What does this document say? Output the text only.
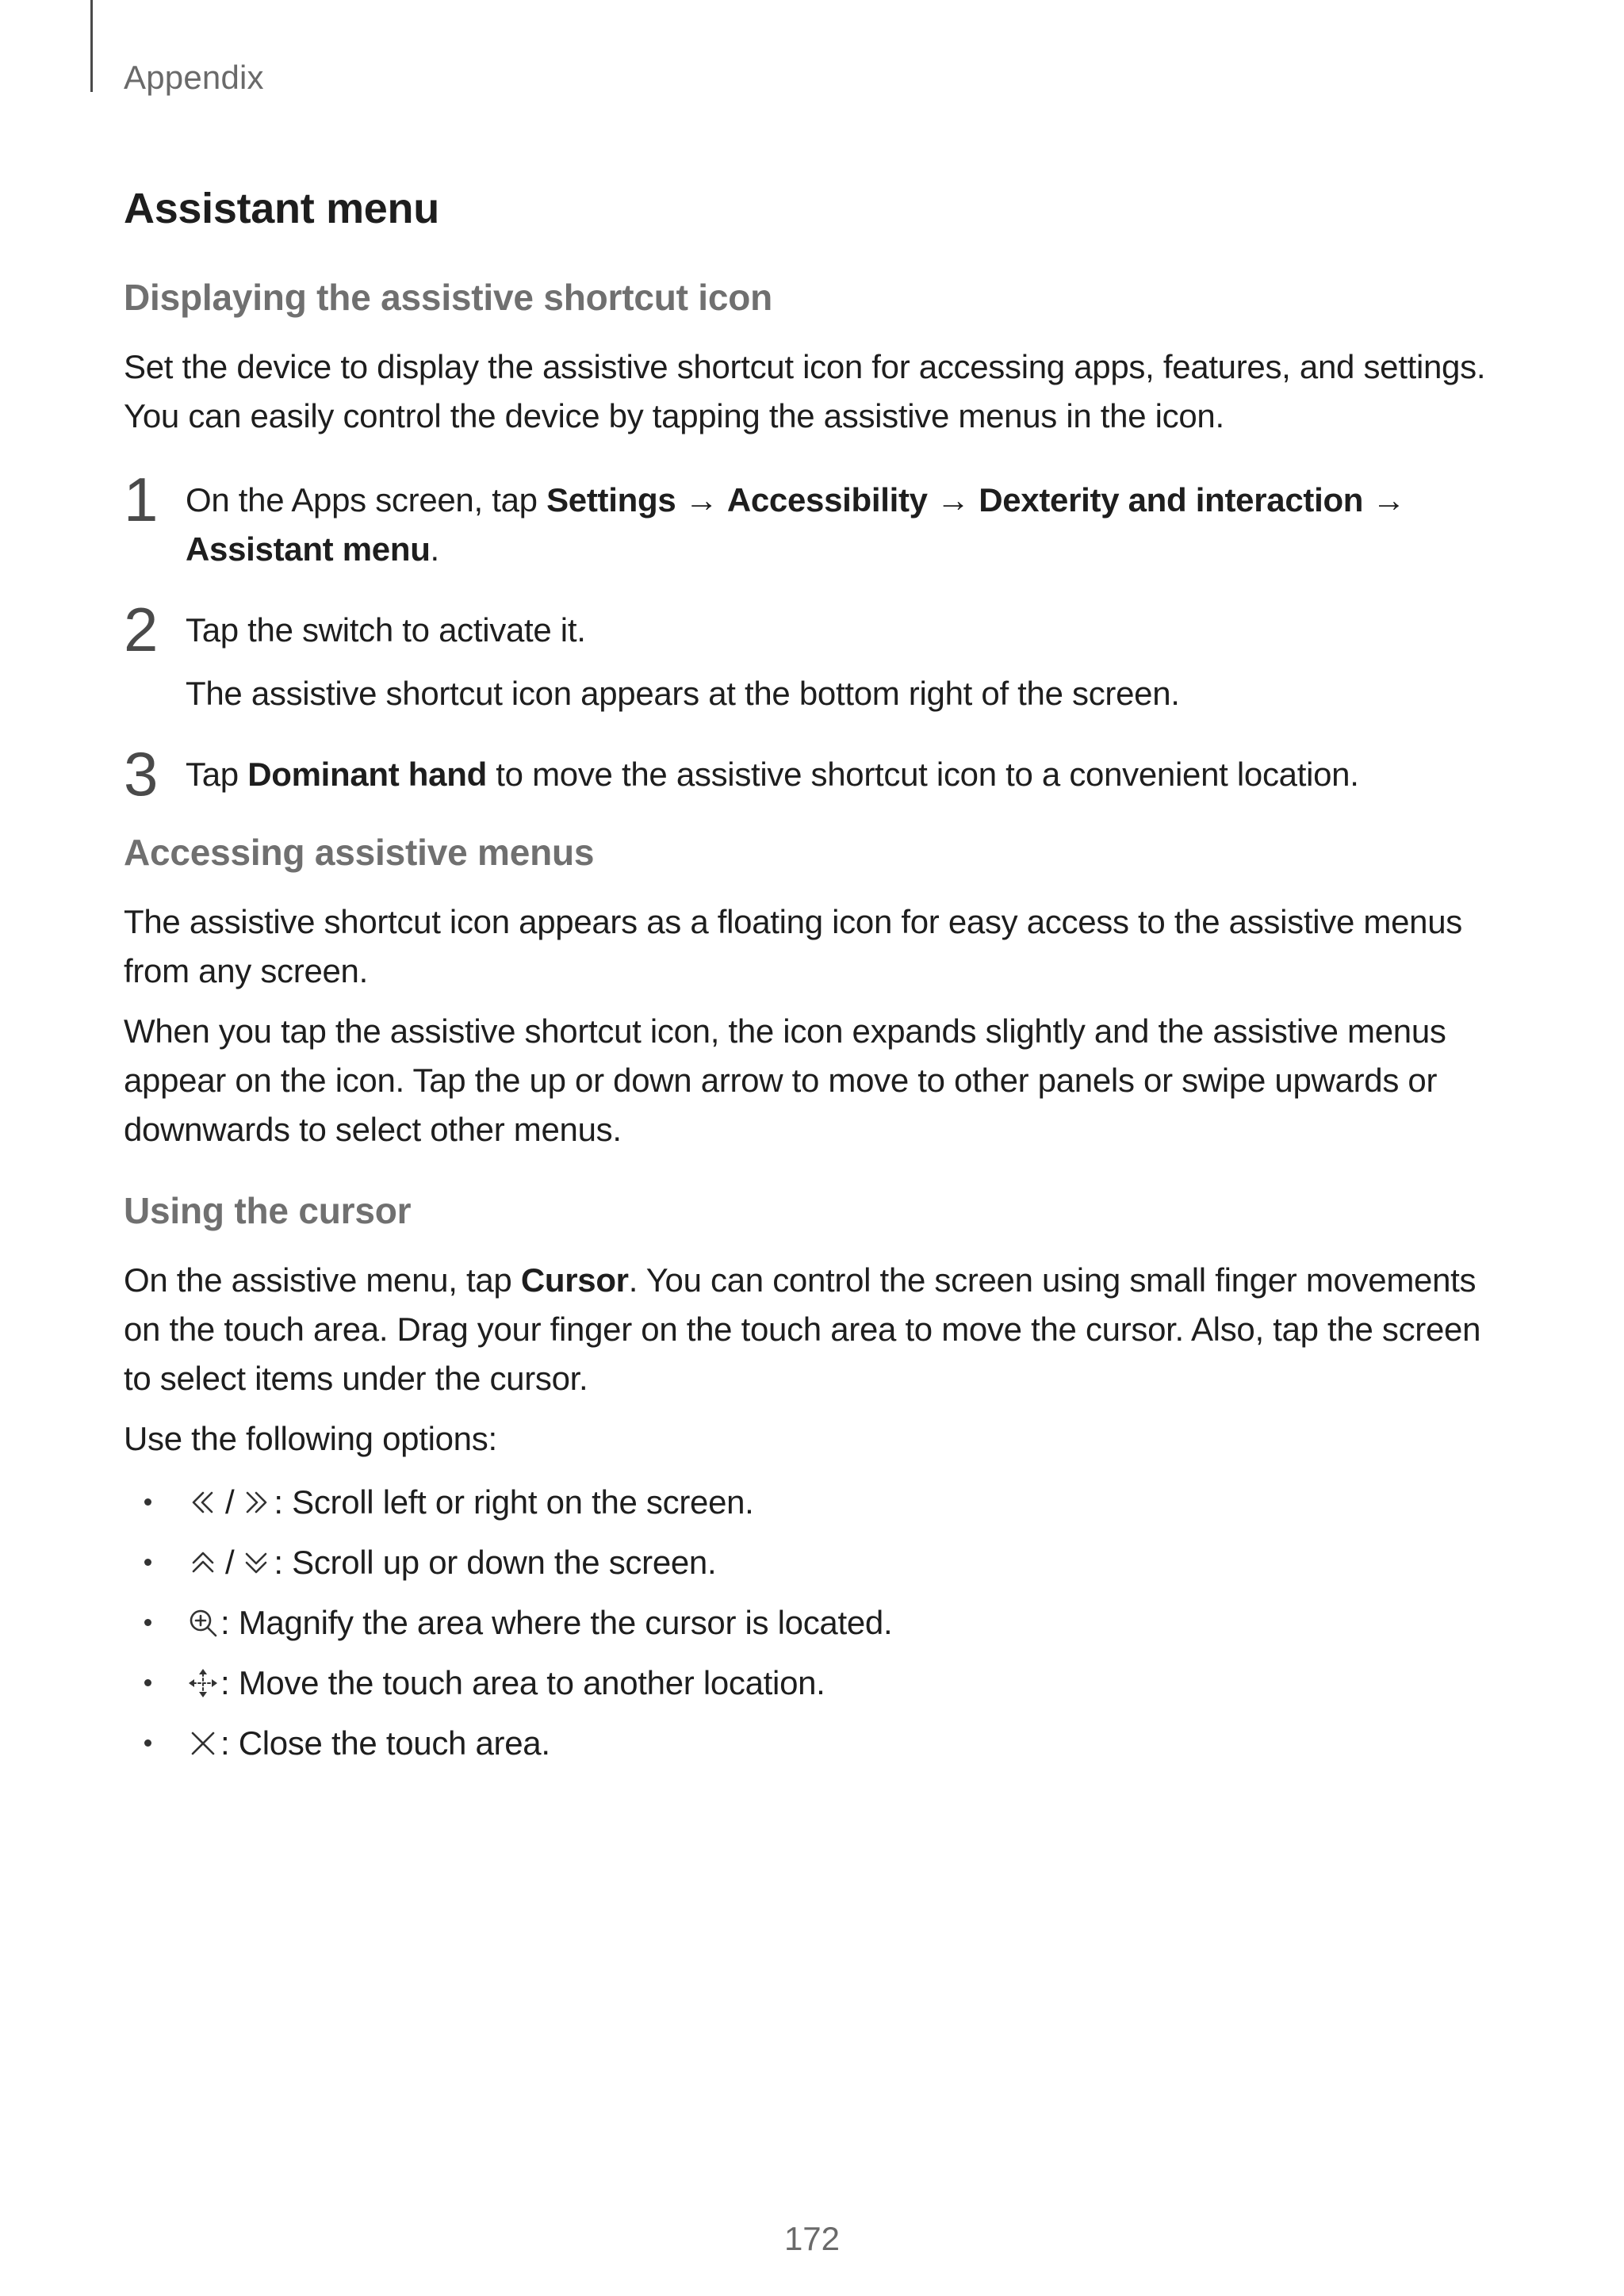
Appendix
Assistant menu
Displaying the assistive shortcut icon

Set the device to display the assistive shortcut icon for accessing apps, features, and settings. You can easily control the device by tapping the assistive menus in the icon.

1 On the Apps screen, tap Settings → Accessibility → Dexterity and interaction →
Assistant menu.
2 Tap the switch to activate it.
The assistive shortcut icon appears at the bottom right of the screen.
3 Tap Dominant hand to move the assistive shortcut icon to a convenient location.
Accessing assistive menus

The assistive shortcut icon appears as a floating icon for easy access to the assistive menus from any screen.

When you tap the assistive shortcut icon, the icon expands slightly and the assistive menus appear on the icon. Tap the up or down arrow to move to other panels or swipe upwards or downwards to select other menus.

Using the cursor

On the assistive menu, tap Cursor. You can control the screen using small finger movements on the touch area. Drag your finger on the touch area to move the cursor. Also, tap the screen to select items under the cursor.

Use the following options:

/ : Scroll left or right on the screen.
/ : Scroll up or down the screen.
: Magnify the area where the cursor is located.
: Move the touch area to another location.
: Close the touch area.
172
